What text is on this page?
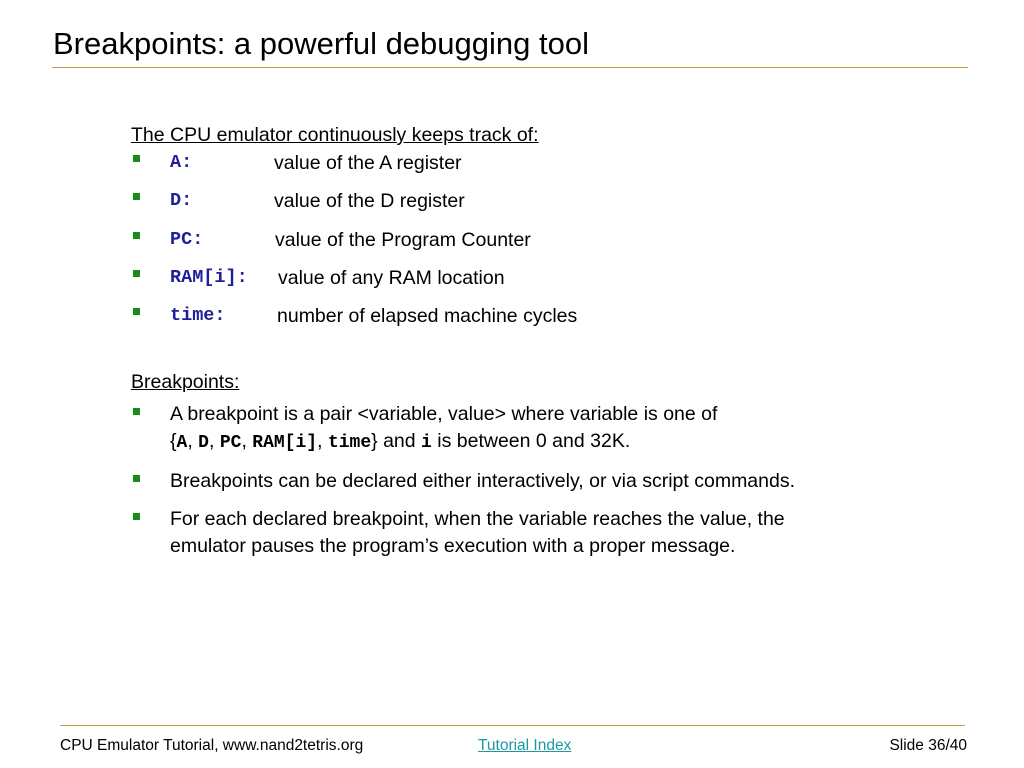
Breakpoints: a powerful debugging tool

The CPU emulator continuously keeps track of:

A:	value of the A register
D:	value of the D register
PC:	value of the Program Counter
RAM[i]: value of any RAM location
time:	number of elapsed machine cycles

Breakpoints:

A breakpoint is a pair <variable, value> where variable is one of
{A, D, PC, RAM[i], time} and i is between 0 and 32K.
Breakpoints can be declared either interactively, or via script commands.
For each declared breakpoint, when the variable reaches the value, the
emulator pauses the program’s execution with a proper message.
CPU Emulator Tutorial, www.nand2tetris.org	Tutorial Index	Slide 36/40
